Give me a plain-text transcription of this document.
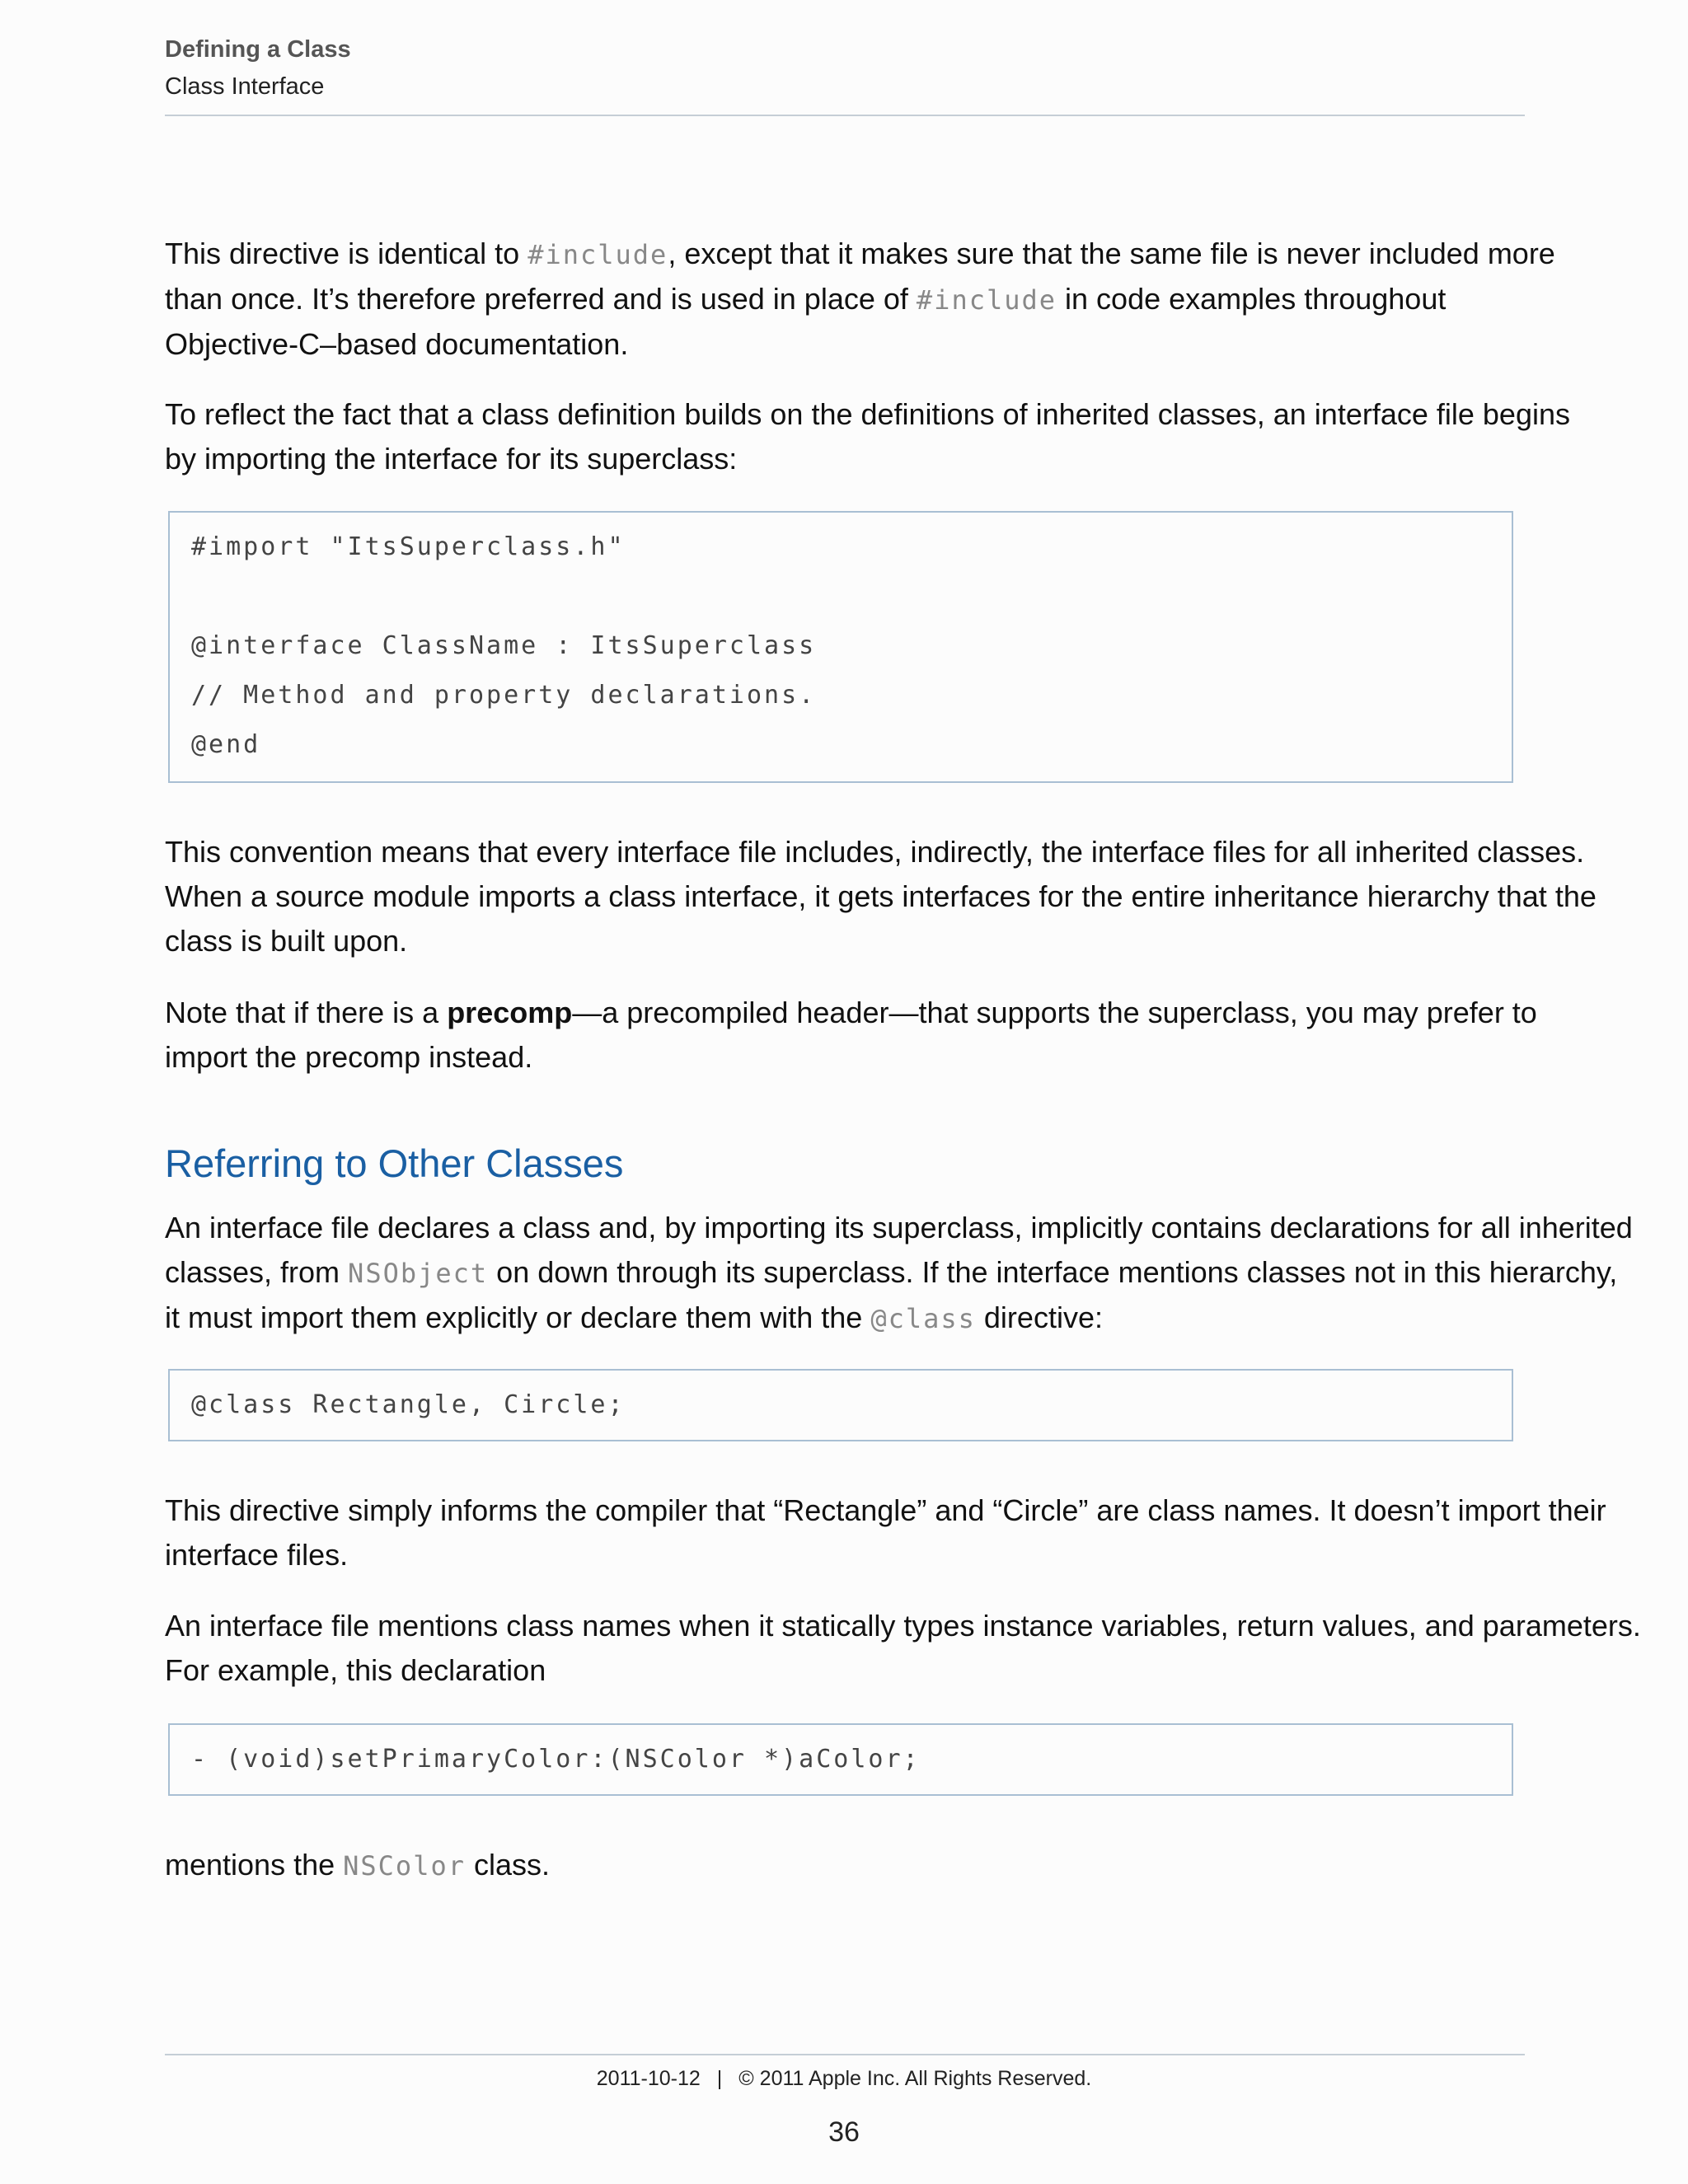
Defining a Class
Class Interface
This directive is identical to #include, except that it makes sure that the same file is never included more
than once. It’s therefore preferred and is used in place of #include in code examples throughout
Objective-C–based documentation.
To reflect the fact that a class definition builds on the definitions of inherited classes, an interface file begins
by importing the interface for its superclass:
#import "ItsSuperclass.h"
@interface ClassName : ItsSuperclass
// Method and property declarations.
@end
This convention means that every interface file includes, indirectly, the interface files for all inherited classes.
When a source module imports a class interface, it gets interfaces for the entire inheritance hierarchy that the
class is built upon.
Note that if there is a precomp—a precompiled header—that supports the superclass, you may prefer to
import the precomp instead.
Referring to Other Classes
An interface file declares a class and, by importing its superclass, implicitly contains declarations for all inherited
classes, from NSObject on down through its superclass. If the interface mentions classes not in this hierarchy,
it must import them explicitly or declare them with the @class directive:
@class Rectangle, Circle;
This directive simply informs the compiler that “Rectangle” and “Circle” are class names. It doesn’t import their
interface files.
An interface file mentions class names when it statically types instance variables, return values, and parameters.
For example, this declaration
- (void)setPrimaryColor:(NSColor *)aColor;
mentions the NSColor class.
2011-10-12 | © 2011 Apple Inc. All Rights Reserved.
36
